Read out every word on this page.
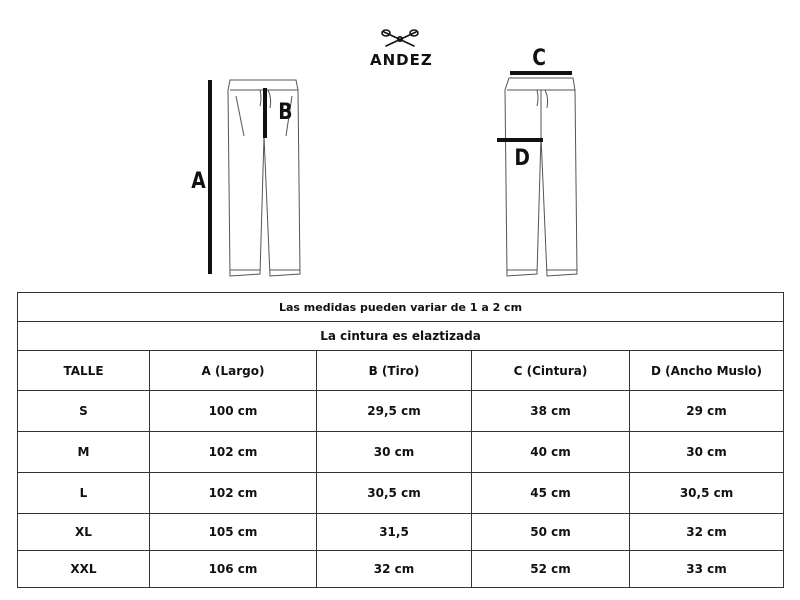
ANDEZ
A
B
C
D
Las medidas pueden variar de 1 a 2 cm				
La cintura es elaztizada				
TALLE	A (Largo)	B (Tiro)	C (Cintura)	D (Ancho Muslo)
S	100 cm	29,5 cm	38 cm	29 cm
M	102 cm	30 cm	40 cm	30 cm
L	102 cm	30,5 cm	45 cm	30,5 cm
XL	105 cm	31,5	50 cm	32 cm
XXL	106 cm	32 cm	52 cm	33 cm
